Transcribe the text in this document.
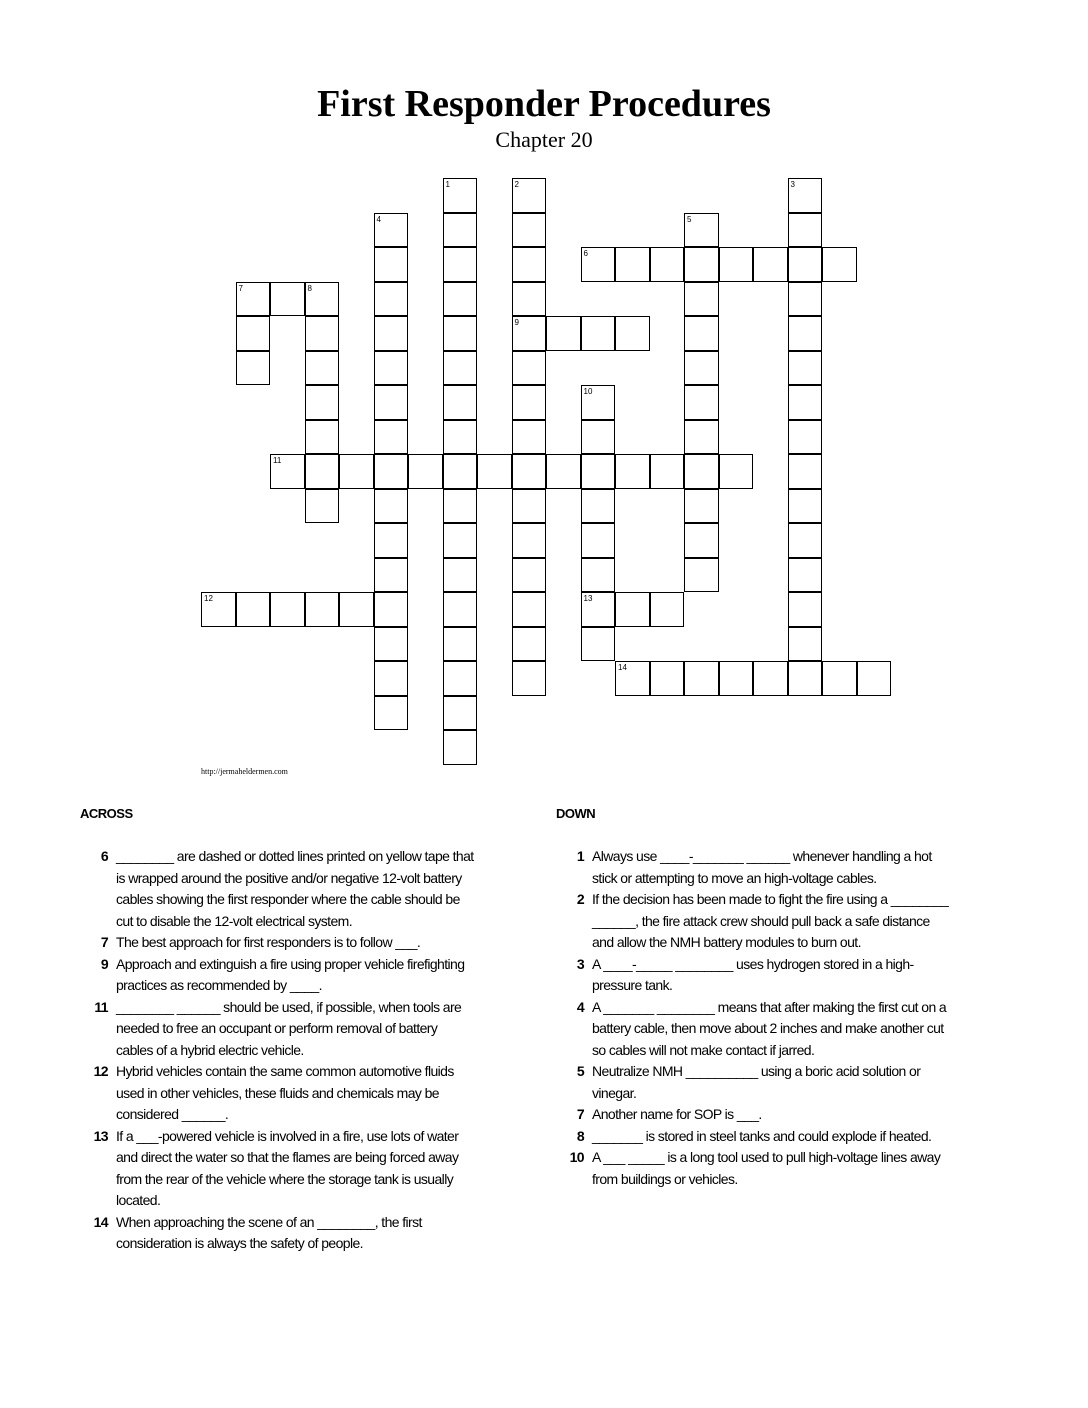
First Responder Procedures
Chapter 20
1	2	3
4	5
6
7	8
9
10
11
12	13
14
http://jermaheldermen.com
ACROSS
6 ________ are dashed or dotted lines printed on yellow tape that is wrapped around the positive and/or negative 12-volt battery cables showing the first responder where the cable should be cut to disable the 12-volt electrical system.
7 The best approach for first responders is to follow ___.
9 Approach and extinguish a fire using proper vehicle firefighting practices as recommended by ____.
11 ________ ______ should be used, if possible, when tools are needed to free an occupant or perform removal of battery cables of a hybrid electric vehicle.
12 Hybrid vehicles contain the same common automotive fluids used in other vehicles, these fluids and chemicals may be considered ______.
13 If a ___-powered vehicle is involved in a fire, use lots of water and direct the water so that the flames are being forced away from the rear of the vehicle where the storage tank is usually located.
14 When approaching the scene of an ________, the first consideration is always the safety of people.
DOWN
1 Always use ____-_______ ______ whenever handling a hot stick or attempting to move an high-voltage cables.
2 If the decision has been made to fight the fire using a ________ ______, the fire attack crew should pull back a safe distance and allow the NMH battery modules to burn out.
3 A ____-_____ ________ uses hydrogen stored in a high-pressure tank.
4 A _______ ________ means that after making the first cut on a battery cable, then move about 2 inches and make another cut so cables will not make contact if jarred.
5 Neutralize NMH __________ using a boric acid solution or vinegar.
7 Another name for SOP is ___.
8 _______ is stored in steel tanks and could explode if heated.
10 A ___ _____ is a long tool used to pull high-voltage lines away from buildings or vehicles.
